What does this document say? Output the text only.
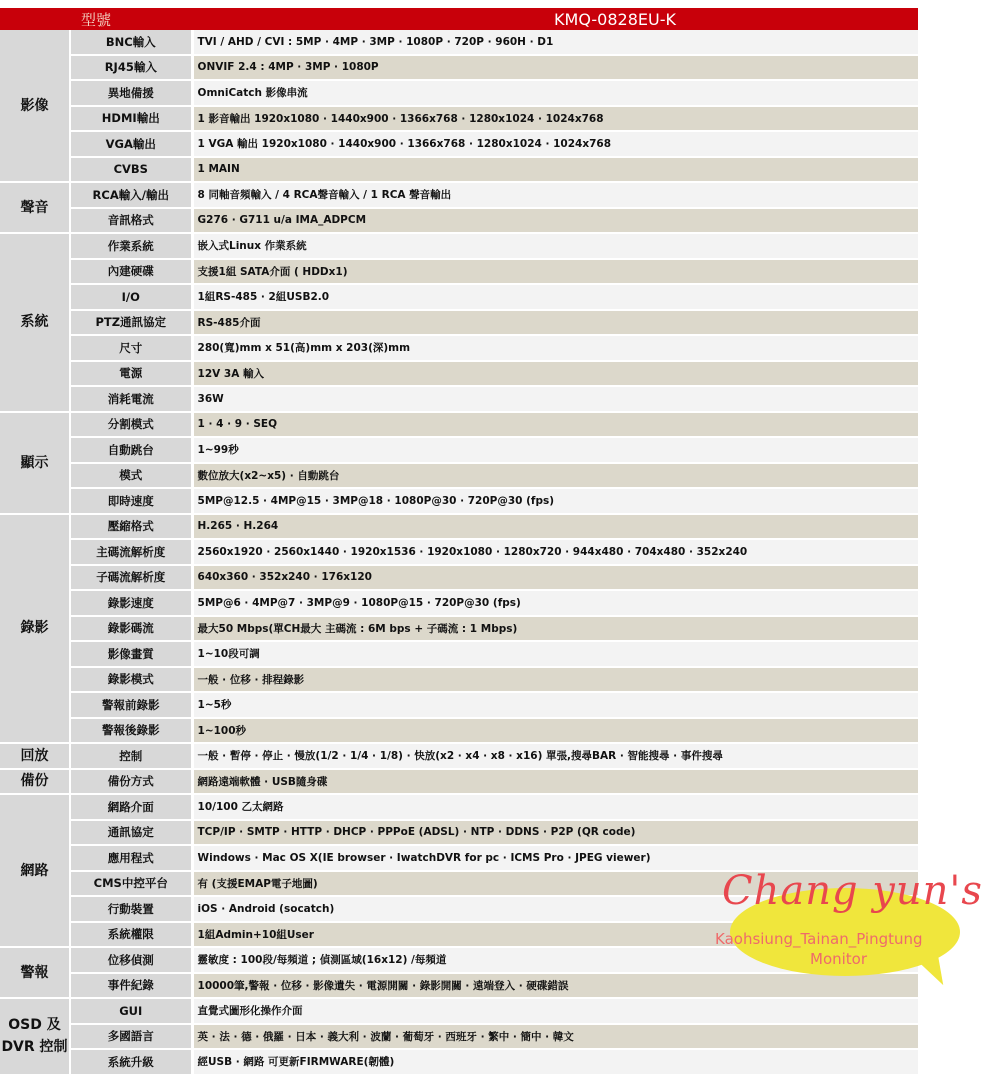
型號		KMQ-0828EU-K
影像	BNC輸入	TVI / AHD / CVI : 5MP · 4MP · 3MP · 1080P · 720P · 960H · D1
	RJ45輸入	ONVIF 2.4 : 4MP · 3MP · 1080P
	異地備援	OmniCatch 影像串流
	HDMI輸出	1 影音輸出 1920x1080 · 1440x900 · 1366x768 · 1280x1024 · 1024x768
	VGA輸出	1 VGA 輸出 1920x1080 · 1440x900 · 1366x768 · 1280x1024 · 1024x768
	CVBS	1 MAIN
聲音	RCA輸入/輸出	8 同軸音頻輸入 / 4 RCA聲音輸入 / 1 RCA 聲音輸出
	音訊格式	G276 · G711 u/a IMA_ADPCM
系統	作業系統	嵌入式Linux 作業系統
	內建硬碟	支援1組 SATA介面 ( HDDx1)
	I/O	1組RS-485 · 2組USB2.0
	PTZ通訊協定	RS-485介面
	尺寸	280(寬)mm x 51(高)mm x 203(深)mm
	電源	12V 3A 輸入
	消耗電流	36W
顯示	分割模式	1 · 4 · 9 · SEQ
	自動跳台	1~99秒
	模式	數位放大(x2~x5) · 自動跳台
	即時速度	5MP@12.5 · 4MP@15 · 3MP@18 · 1080P@30 · 720P@30 (fps)
錄影	壓縮格式	H.265 · H.264
	主碼流解析度	2560x1920 · 2560x1440 · 1920x1536 · 1920x1080 · 1280x720 · 944x480 · 704x480 · 352x240
	子碼流解析度	640x360 · 352x240 · 176x120
	錄影速度	5MP@6 · 4MP@7 · 3MP@9 · 1080P@15 · 720P@30 (fps)
	錄影碼流	最大50 Mbps(單CH最大 主碼流 : 6M bps + 子碼流 : 1 Mbps)
	影像畫質	1~10段可調
	錄影模式	一般 · 位移 · 排程錄影
	警報前錄影	1~5秒
	警報後錄影	1~100秒
回放	控制	一般 · 暫停 · 停止 · 慢放(1/2 · 1/4 · 1/8) · 快放(x2 · x4 · x8 · x16) 單張,搜尋BAR · 智能搜尋 · 事件搜尋
備份	備份方式	網路遠端軟體 · USB隨身碟
網路	網路介面	10/100 乙太網路
	通訊協定	TCP/IP · SMTP · HTTP · DHCP · PPPoE (ADSL) · NTP · DDNS · P2P (QR code)
	應用程式	Windows · Mac OS X(IE browser · IwatchDVR for pc · ICMS Pro · JPEG viewer)
	CMS中控平台	有 (支援EMAP電子地圖)
	行動裝置	iOS · Android (socatch)
	系統權限	1組Admin+10組User
警報	位移偵測	靈敏度 : 100段/每頻道 ; 偵測區域(16x12) /每頻道
	事件紀錄	10000筆,警報 · 位移 · 影像遺失 · 電源開關 · 錄影開關 · 遠端登入 · 硬碟錯誤
OSD 及 DVR 控制	GUI	直覺式圖形化操作介面
	多國語言	英 · 法 · 德 · 俄羅 · 日本 · 義大利 · 波蘭 · 葡萄牙 · 西班牙 · 繁中 · 簡中 · 韓文
	系統升級	經USB · 網路 可更新FIRMWARE(韌體)
Chang yun's
Kaohsiung_Tainan_Pingtung
Monitor
